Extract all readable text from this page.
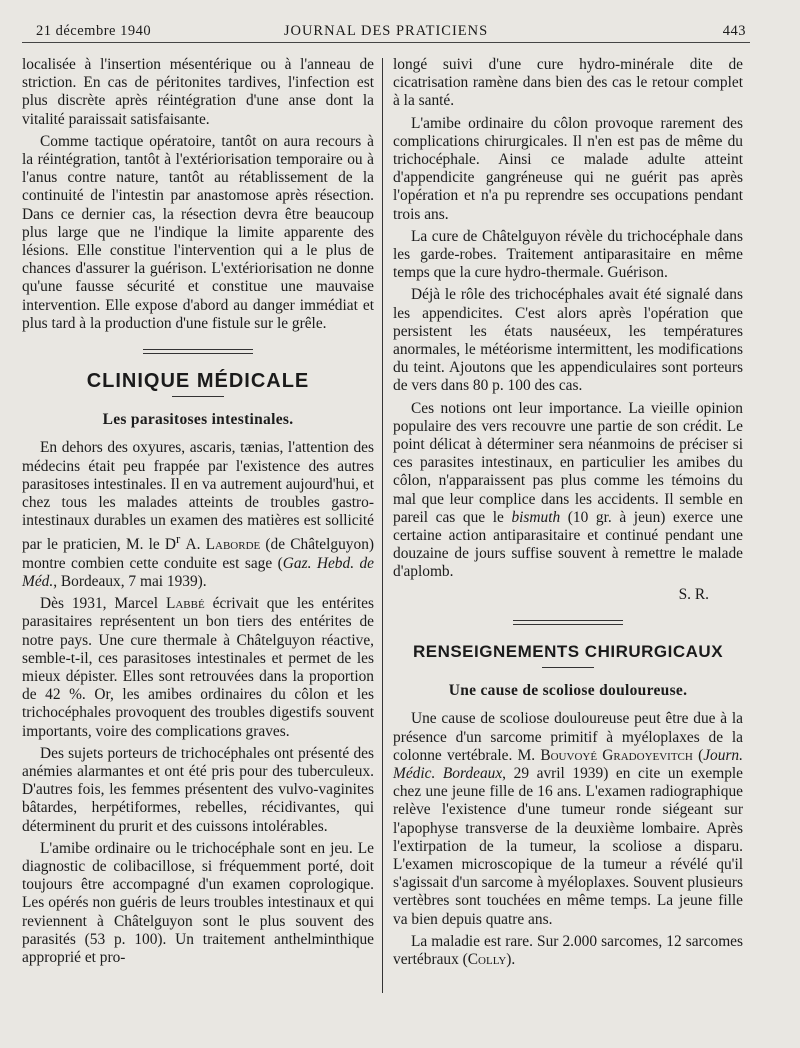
21 décembre 1940	JOURNAL DES PRATICIENS	443

localisée à l'insertion mésentérique ou à l'anneau de striction. En cas de péritonites tardives, l'infection est plus discrète après réintégration d'une anse dont la vitalité paraissait satisfaisante.

Comme tactique opératoire, tantôt on aura recours à la réintégration, tantôt à l'extériorisation temporaire ou à l'anus contre nature, tantôt au rétablissement de la continuité de l'intestin par anastomose après résection. Dans ce dernier cas, la résection devra être beaucoup plus large que ne l'indique la limite apparente des lésions. Elle constitue l'intervention qui a le plus de chances d'assurer la guérison. L'extériorisation ne donne qu'une fausse sécurité et constitue une mauvaise intervention. Elle expose d'abord au danger immédiat et plus tard à la production d'une fistule sur le grêle.

CLINIQUE MÉDICALE
Les parasitoses intestinales.

En dehors des oxyures, ascaris, tænias, l'attention des médecins était peu frappée par l'existence des autres parasitoses intestinales. Il en va autrement aujourd'hui, et chez tous les malades atteints de troubles gastro-intestinaux durables un examen des matières est sollicité par le praticien, M. le $D^r$ A. Laborde (de Châtelguyon) montre combien cette conduite est sage (Gaz. Hebd. de Méd., Bordeaux, 7 mai 1939).

Dès 1931, Marcel Labbé écrivait que les entérites parasitaires représentent un bon tiers des entérites de notre pays. Une cure thermale à Châtelguyon réactive, semble-t-il, ces parasitoses intestinales et permet de les mieux dépister. Elles sont retrouvées dans la proportion de 42 %. Or, les amibes ordinaires du côlon et les trichocéphales provoquent des troubles digestifs souvent importants, voire des complications graves.

Des sujets porteurs de trichocéphales ont présenté des anémies alarmantes et ont été pris pour des tuberculeux. D'autres fois, les femmes présentent des vulvo-vaginites bâtardes, herpétiformes, rebelles, récidivantes, qui déterminent du prurit et des cuissons intolérables.

L'amibe ordinaire ou le trichocéphale sont en jeu. Le diagnostic de colibacillose, si fréquemment porté, doit toujours être accompagné d'un examen coprologique. Les opérés non guéris de leurs troubles intestinaux et qui reviennent à Châtelguyon sont le plus souvent des parasités (53 p. 100). Un traitement anthelminthique approprié et pro-

longé suivi d'une cure hydro-minérale dite de cicatrisation ramène dans bien des cas le retour complet à la santé.

L'amibe ordinaire du côlon provoque rarement des complications chirurgicales. Il n'en est pas de même du trichocéphale. Ainsi ce malade adulte atteint d'appendicite gangréneuse qui ne guérit pas après l'opération et n'a pu reprendre ses occupations pendant trois ans.

La cure de Châtelguyon révèle du trichocéphale dans les garde-robes. Traitement antiparasitaire en même temps que la cure hydro-thermale. Guérison.

Déjà le rôle des trichocéphales avait été signalé dans les appendicites. C'est alors après l'opération que persistent les états nauséeux, les températures anormales, le météorisme intermittent, les modifications du teint. Ajoutons que les appendiculaires sont porteurs de vers dans 80 p. 100 des cas.

Ces notions ont leur importance. La vieille opinion populaire des vers recouvre une partie de son crédit. Le point délicat à déterminer sera néanmoins de préciser si ces parasites intestinaux, en particulier les amibes du côlon, n'apparaissent pas plus comme les témoins du mal que leur complice dans les accidents. Il semble en pareil cas que le bismuth (10 gr. à jeun) exerce une certaine action antiparasitaire et continué pendant une douzaine de jours suffise souvent à remettre le malade d'aplomb.

S. R.
RENSEIGNEMENTS CHIRURGICAUX
Une cause de scoliose douloureuse.

Une cause de scoliose douloureuse peut être due à la présence d'un sarcome primitif à myéloplaxes de la colonne vertébrale. M. Bouvoyé Gradoyevitch (Journ. Médic. Bordeaux, 29 avril 1939) en cite un exemple chez une jeune fille de 16 ans. L'examen radiographique relève l'existence d'une tumeur ronde siégeant sur l'apophyse transverse de la deuxième lombaire. Après l'extirpation de la tumeur, la scoliose a disparu. L'examen microscopique de la tumeur a révélé qu'il s'agissait d'un sarcome à myéloplaxes. Souvent plusieurs vertèbres sont touchées en même temps. La jeune fille va bien depuis quatre ans.

La maladie est rare. Sur 2.000 sarcomes, 12 sarcomes vertébraux (Colly).
